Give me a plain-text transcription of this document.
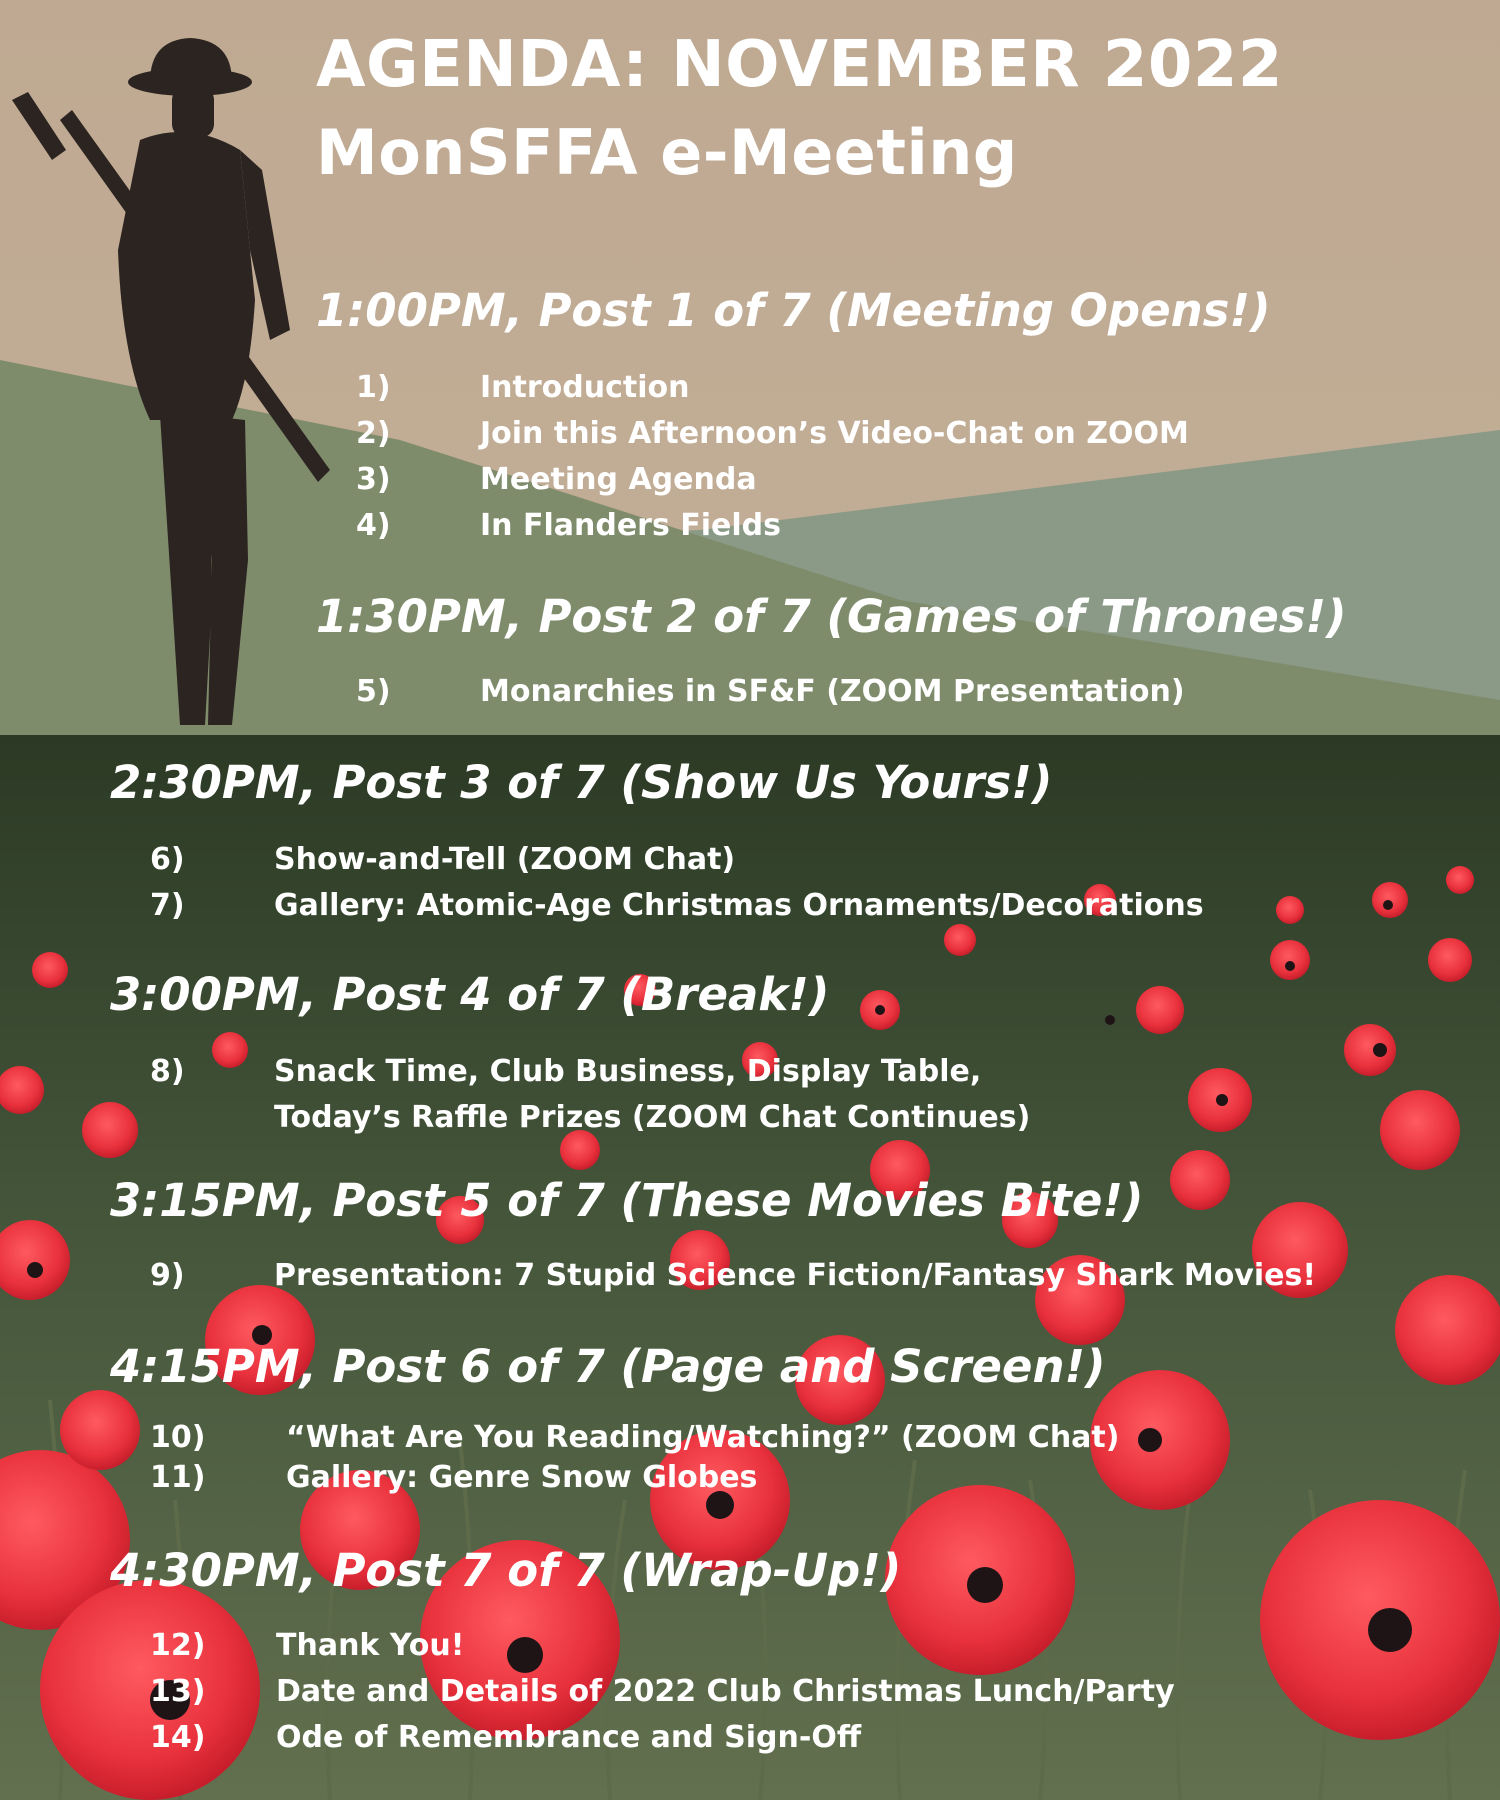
AGENDA: NOVEMBER 2022
MonSFFA e-Meeting
1:00PM, Post 1 of 7 (Meeting Opens!)
1)	Introduction
2)	Join this Afternoon’s Video-Chat on ZOOM
3)	Meeting Agenda
4)	In Flanders Fields
1:30PM, Post 2 of 7 (Games of Thrones!)
5)	Monarchies in SF&F (ZOOM Presentation)
2:30PM, Post 3 of 7 (Show Us Yours!)
6)	Show-and-Tell (ZOOM Chat)
7)	Gallery: Atomic-Age Christmas Ornaments/Decorations
3:00PM, Post 4 of 7 (Break!)
8)	Snack Time, Club Business, Display Table,
Today’s Raffle Prizes (ZOOM Chat Continues)
3:15PM, Post 5 of 7 (These Movies Bite!)
9)	Presentation: 7 Stupid Science Fiction/Fantasy Shark Movies!
4:15PM, Post 6 of 7 (Page and Screen!)
10)	“What Are You Reading/Watching?” (ZOOM Chat)
11)	Gallery: Genre Snow Globes
4:30PM, Post 7 of 7 (Wrap-Up!)
12) Thank You!
13) Date and Details of 2022 Club Christmas Lunch/Party
14) Ode of Remembrance and Sign-Off
